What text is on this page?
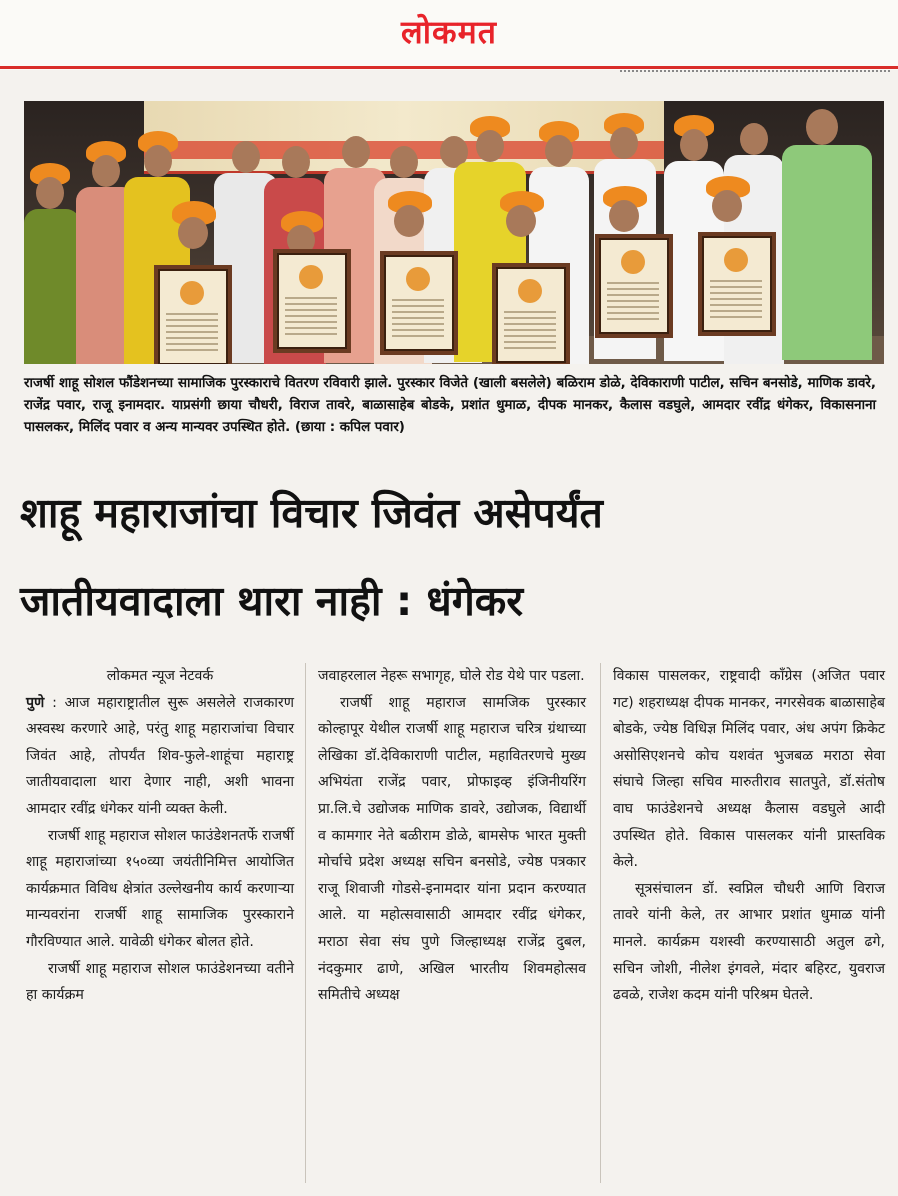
लोकमत
राजर्षी शाहू सोशल फौंडेशनच्या सामाजिक पुरस्काराचे वितरण रविवारी झाले. पुरस्कार विजेते (खाली बसलेले) बळिराम डोळे, देविकाराणी पाटील, सचिन बनसोडे, माणिक डावरे, राजेंद्र पवार, राजू इनामदार. याप्रसंगी छाया चौधरी, विराज तावरे, बाळासाहेब बोडके, प्रशांत धुमाळ, दीपक मानकर, कैलास वडघुले, आमदार रवींद्र धंगेकर, विकासनाना पासलकर, मिलिंद पवार व अन्य मान्यवर उपस्थित होते. (छाया : कपिल पवार)
शाहू महाराजांचा विचार जिवंत असेपर्यंत
जातीयवादाला थारा नाही : धंगेकर
लोकमत न्यूज नेटवर्क

पुणे : आज महाराष्ट्रातील सुरू असलेले राजकारण अस्वस्थ करणारे आहे, परंतु शाहू महाराजांचा विचार जिवंत आहे, तोपर्यंत शिव-फुले-शाहूंचा महाराष्ट्र जातीयवादाला थारा देणार नाही, अशी भावना आमदार रवींद्र धंगेकर यांनी व्यक्त केली.

राजर्षी शाहू महाराज सोशल फाउंडेशनतर्फे राजर्षी शाहू महाराजांच्या १५०व्या जयंतीनिमित्त आयोजित कार्यक्रमात विविध क्षेत्रांत उल्लेखनीय कार्य करणाऱ्या मान्यवरांना राजर्षी शाहू सामाजिक पुरस्काराने गौरविण्यात आले. यावेळी धंगेकर बोलत होते.

राजर्षी शाहू महाराज सोशल फाउंडेशनच्या वतीने हा कार्यक्रम

जवाहरलाल नेहरू सभागृह, घोले रोड येथे पार पडला.

राजर्षी शाहू महाराज सामजिक पुरस्कार कोल्हापूर येथील राजर्षी शाहू महाराज चरित्र ग्रंथाच्या लेखिका डॉ.देविकाराणी पाटील, महावितरणचे मुख्य अभियंता राजेंद्र पवार, प्रोफाइव्ह इंजिनीयरिंग प्रा.लि.चे उद्योजक माणिक डावरे, उद्योजक, विद्यार्थी व कामगार नेते बळीराम डोळे, बामसेफ भारत मुक्ती मोर्चाचे प्रदेश अध्यक्ष सचिन बनसोडे, ज्येष्ठ पत्रकार राजू शिवाजी गोडसे-इनामदार यांना प्रदान करण्यात आले. या महोत्सवासाठी आमदार रवींद्र धंगेकर, मराठा सेवा संघ पुणे जिल्हाध्यक्ष राजेंद्र दुबल, नंदकुमार ढाणे, अखिल भारतीय शिवमहोत्सव समितीचे अध्यक्ष

विकास पासलकर, राष्ट्रवादी काँग्रेस (अजित पवार गट) शहराध्यक्ष दीपक मानकर, नगरसेवक बाळासाहेब बोडके, ज्येष्ठ विधिज्ञ मिलिंद पवार, अंध अपंग क्रिकेट असोसिएशनचे कोच यशवंत भुजबळ मराठा सेवा संघाचे जिल्हा सचिव मारुतीराव सातपुते, डॉ.संतोष वाघ फाउंडेशनचे अध्यक्ष कैलास वडघुले आदी उपस्थित होते. विकास पासलकर यांनी प्रास्तविक केले.

सूत्रसंचालन डॉ. स्वप्निल चौधरी आणि विराज तावरे यांनी केले, तर आभार प्रशांत धुमाळ यांनी मानले. कार्यक्रम यशस्वी करण्यासाठी अतुल ढगे, सचिन जोशी, नीलेश इंगवले, मंदार बहिरट, युवराज ढवळे, राजेश कदम यांनी परिश्रम घेतले.
